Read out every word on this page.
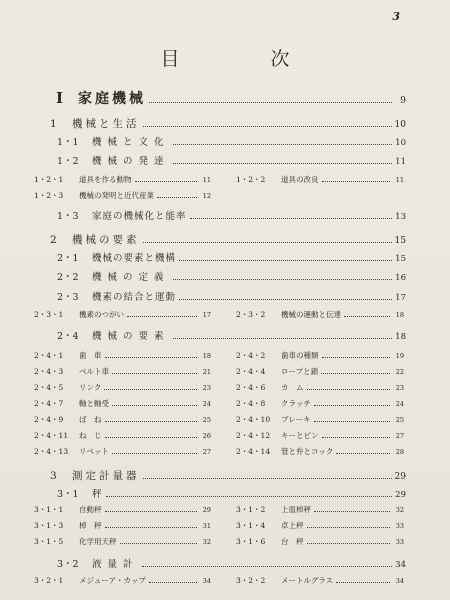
3
目　次
I	家庭機械	9
1	機械と生活	10
1・1	機械と文化	10
1・2	機械の発達	11
1・2・1	道具を作る動物	11	1・2・2	道具の改良	11
1・2・3	機械の発明と近代産業	12
1・3	家庭の機械化と能率	13
2	機械の要素	15
2・1	機械の要素と機構	15
2・2	機械の定義	16
2・3	機素の結合と運動	17
2・3・1	機素のつがい	17	2・3・2	機械の運動と伝達	18
2・4	機械の要素	18
2・4・1	歯　車	18	2・4・2	歯車の種類	19
2・4・3	ベルト車	21	2・4・4	ロープと鎖	22
2・4・5	リンク	23	2・4・6	カ　ム	23
2・4・7	軸と軸受	24	2・4・8	クラッチ	24
2・4・9	ば　ね	25	2・4・10	ブレーキ	25
2・4・11	ね　じ	26	2・4・12	キーとピン	27
2・4・13	リベット	27	2・4・14	管と弁とコック	28
3	測定計量器	29
3・1	秤	29
3・1・1	自動秤	29	3・1・2	上皿棹秤	32
3・1・3	棹　秤	31	3・1・4	卓上秤	33
3・1・5	化学用天秤	32	3・1・6	台　秤	33
3・2	液量計	34
3・2・1	メジューア・カップ	34	3・2・2	メートルグラス	34
